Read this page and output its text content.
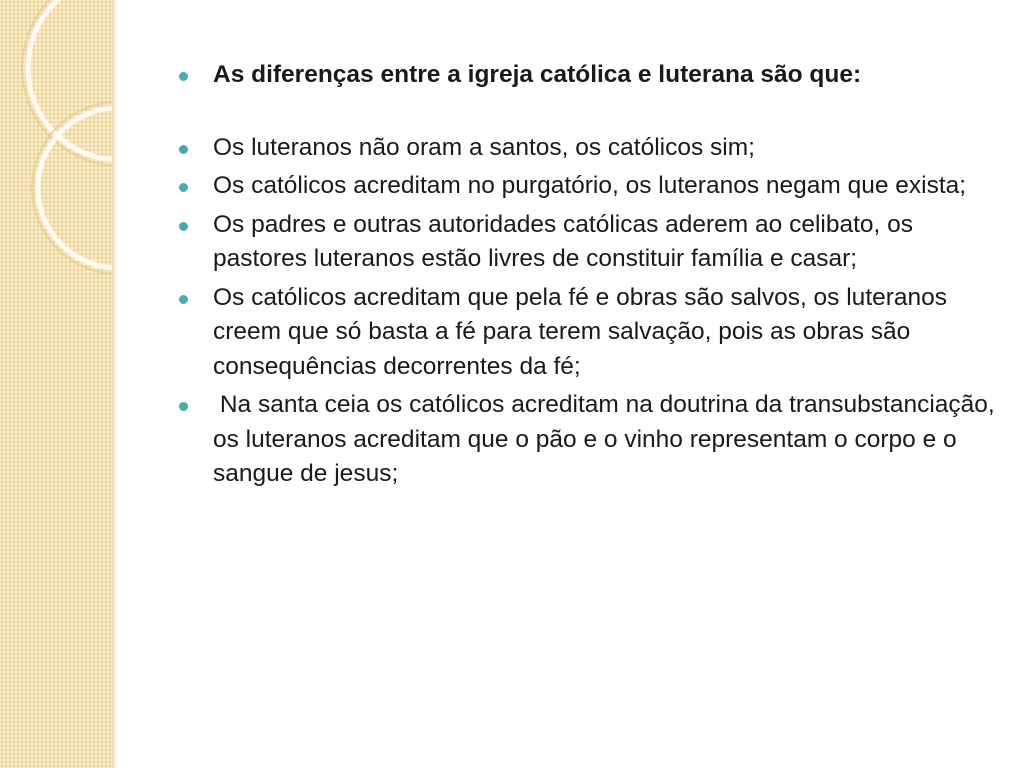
As diferenças entre a igreja católica e luterana são que:
Os luteranos não oram a santos, os católicos sim;
Os católicos acreditam no purgatório, os luteranos negam que exista;
Os padres e outras autoridades católicas aderem ao celibato, os pastores luteranos estão livres de constituir família e casar;
Os católicos acreditam que pela fé e obras são salvos, os luteranos creem que só basta a fé para terem salvação, pois as obras são consequências decorrentes da fé;
Na santa ceia os católicos acreditam na doutrina da transubstanciação, os luteranos acreditam que o pão e o vinho representam o corpo e o sangue de jesus;
